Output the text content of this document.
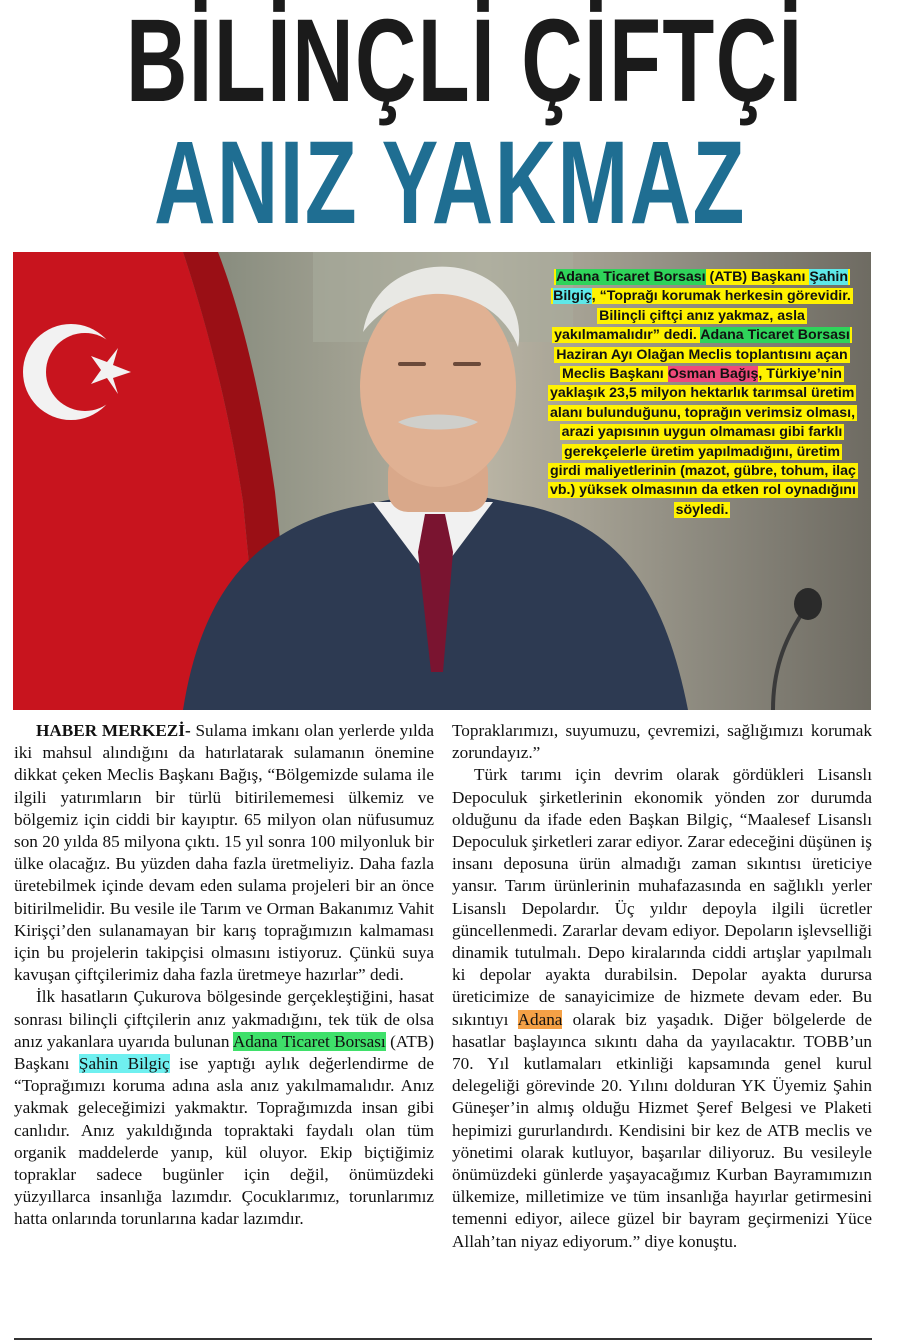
BİLİNÇLİ ÇİFTÇİ
ANIZ YAKMAZ
Adana Ticaret Borsası (ATB) Başkanı Şahin Bilgiç, “Toprağı korumak herkesin görevidir. Bilinçli çiftçi anız yakmaz, asla yakılmamalıdır” dedi. Adana Ticaret Borsası Haziran Ayı Olağan Meclis toplantısını açan Meclis Başkanı Osman Bağış, Türkiye’nin yaklaşık 23,5 milyon hektarlık tarımsal üretim alanı bulunduğunu, toprağın verimsiz olması, arazi yapısının uygun olmaması gibi farklı gerekçelerle üretim yapılmadığını, üretim girdi maliyetlerinin (mazot, gübre, tohum, ilaç vb.) yüksek olmasının da etken rol oynadığını söyledi.

HABER MERKEZİ- Sulama imkanı olan yerlerde yılda iki mahsul alındığını da hatırlatarak sulamanın önemine dikkat çeken Meclis Başkanı Bağış, “Bölgemizde sulama ile ilgili yatırımların bir türlü bitirilememesi ülkemiz ve bölgemiz için ciddi bir kayıptır. 65 milyon olan nüfusumuz son 20 yılda 85 milyona çıktı. 15 yıl sonra 100 milyonluk bir ülke olacağız. Bu yüzden daha fazla üretmeliyiz. Daha fazla üretebilmek içinde devam eden sulama projeleri bir an önce bitirilmelidir. Bu vesile ile Tarım ve Orman Bakanımız Vahit Kirişçi’den sulanamayan bir karış toprağımızın kalmaması için bu projelerin takipçisi olmasını istiyoruz. Çünkü suya kavuşan çiftçilerimiz daha fazla üretmeye hazırlar” dedi.

İlk hasatların Çukurova bölgesinde gerçekleştiğini, hasat sonrası bilinçli çiftçilerin anız yakmadığını, tek tük de olsa anız yakanlara uyarıda bulunan Adana Ticaret Borsası (ATB) Başkanı Şahin Bilgiç ise yaptığı aylık değerlendirme de “Toprağımızı koruma adına asla anız yakılmamalıdır. Anız yakmak geleceğimizi yakmaktır. Toprağımızda insan gibi canlıdır. Anız yakıldığında topraktaki faydalı olan tüm organik maddelerde yanıp, kül oluyor. Ekip biçtiğimiz topraklar sadece bugünler için değil, önümüzdeki yüzyıllarca insanlığa lazımdır. Çocuklarımız, torunlarımız hatta onlarında torunlarına kadar lazımdır.

Topraklarımızı, suyumuzu, çevremizi, sağlığımızı korumak zorundayız.”

Türk tarımı için devrim olarak gördükleri Lisanslı Depoculuk şirketlerinin ekonomik yönden zor durumda olduğunu da ifade eden Başkan Bilgiç, “Maalesef Lisanslı Depoculuk şirketleri zarar ediyor. Zarar edeceğini düşünen iş insanı deposuna ürün almadığı zaman sıkıntısı üreticiye yansır. Tarım ürünlerinin muhafazasında en sağlıklı yerler Lisanslı Depolardır. Üç yıldır depoyla ilgili ücretler güncellenmedi. Zararlar devam ediyor. Depoların işlevselliği dinamik tutulmalı. Depo kiralarında ciddi artışlar yapılmalı ki depolar ayakta durabilsin. Depolar ayakta durursa üreticimize de sanayicimize de hizmete devam eder. Bu sıkıntıyı Adana olarak biz yaşadık. Diğer bölgelerde de hasatlar başlayınca sıkıntı daha da yayılacaktır. TOBB’un 70. Yıl kutlamaları etkinliği kapsamında genel kurul delegeliği görevinde 20. Yılını dolduran YK Üyemiz Şahin Güneşer’in almış olduğu Hizmet Şeref Belgesi ve Plaketi hepimizi gururlandırdı. Kendisini bir kez de ATB meclis ve yönetimi olarak kutluyor, başarılar diliyoruz. Bu vesileyle önümüzdeki günlerde yaşayacağımız Kurban Bayramımızın ülkemize, milletimize ve tüm insanlığa hayırlar getirmesini temenni ediyor, ailece güzel bir bayram geçirmenizi Yüce Allah’tan niyaz ediyorum.” diye konuştu.
